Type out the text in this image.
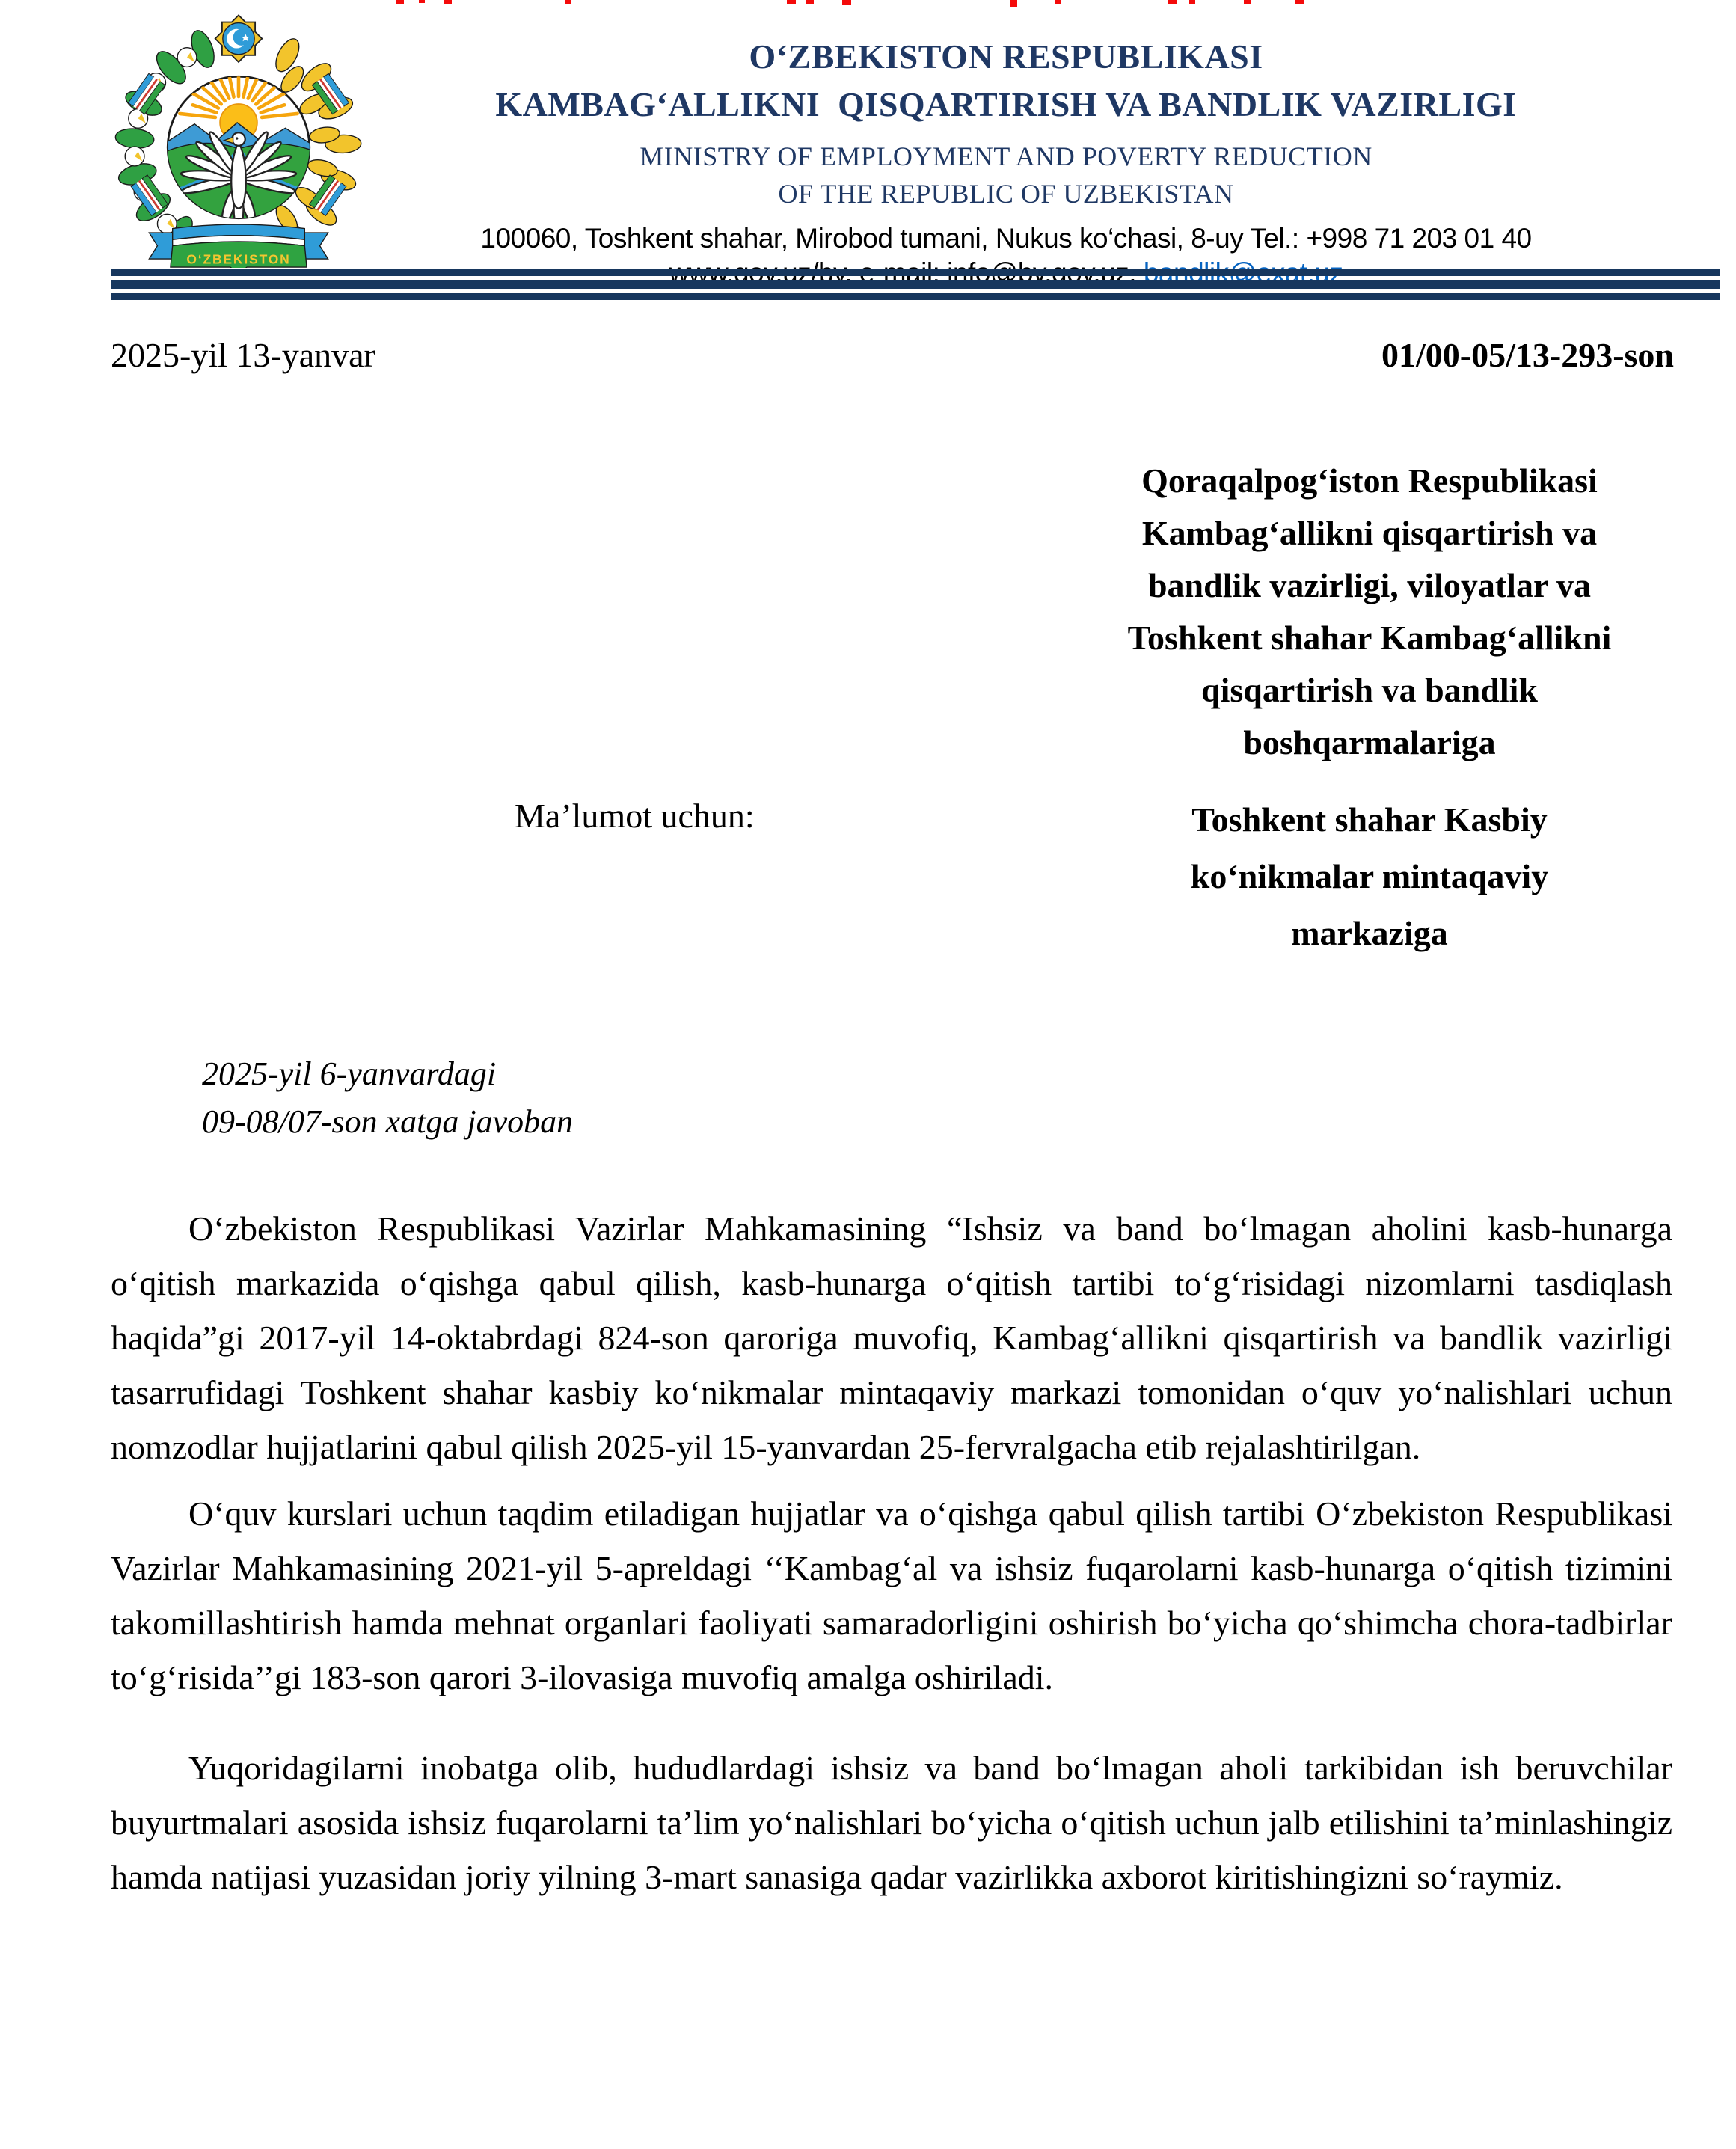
O‘ZBEKISTON
O‘ZBEKISTON RESPUBLIKASI
KAMBAG‘ALLIKNI  QISQARTIRISH VA BANDLIK VAZIRLIGI
MINISTRY OF EMPLOYMENT AND POVERTY REDUCTION
OF THE REPUBLIC OF UZBEKISTAN
100060, Toshkent shahar, Mirobod tumani, Nukus ko‘chasi, 8-uy Tel.: +998 71 203 01 40
2025-yil 13-yanvar	01/00-05/13-293-son
Qoraqalpog‘iston Respublikasi
Kambag‘allikni qisqartirish va
bandlik vazirligi, viloyatlar va
Toshkent shahar Kambag‘allikni
qisqartirish va bandlik
boshqarmalariga
Ma’lumot uchun:	Toshkent shahar Kasbiy
ko‘nikmalar mintaqaviy
markaziga
2025-yil 6-yanvardagi
09-08/07-son xatga javoban

O‘zbekiston Respublikasi Vazirlar Mahkamasining “Ishsiz va band bo‘lmagan aholini kasb-hunarga o‘qitish markazida o‘qishga qabul qilish, kasb-hunarga o‘qitish tartibi to‘g‘risidagi nizomlarni tasdiqlash haqida”gi 2017-yil 14-oktabrdagi 824-son qaroriga muvofiq, Kambag‘allikni qisqartirish va bandlik vazirligi tasarrufidagi Toshkent shahar kasbiy ko‘nikmalar mintaqaviy markazi tomonidan o‘quv yo‘nalishlari uchun nomzodlar hujjatlarini qabul qilish 2025-yil 15-yanvardan 25-fervralgacha etib rejalashtirilgan.

O‘quv kurslari uchun taqdim etiladigan hujjatlar va o‘qishga qabul qilish tartibi O‘zbekiston Respublikasi Vazirlar Mahkamasining 2021-yil 5-apreldagi ‘‘Kambag‘al va ishsiz fuqarolarni kasb-hunarga o‘qitish tizimini takomillashtirish hamda mehnat organlari faoliyati samaradorligini oshirish bo‘yicha qo‘shimcha chora-tadbirlar to‘g‘risida’’gi 183-son qarori 3-ilovasiga muvofiq amalga oshiriladi.

Yuqoridagilarni inobatga olib, hududlardagi ishsiz va band bo‘lmagan aholi tarkibidan ish beruvchilar buyurtmalari asosida ishsiz fuqarolarni ta’lim yo‘nalishlari bo‘yicha o‘qitish uchun jalb etilishini ta’minlashingiz hamda natijasi yuzasidan joriy yilning 3-mart sanasiga qadar vazirlikka axborot kiritishingizni so‘raymiz.
